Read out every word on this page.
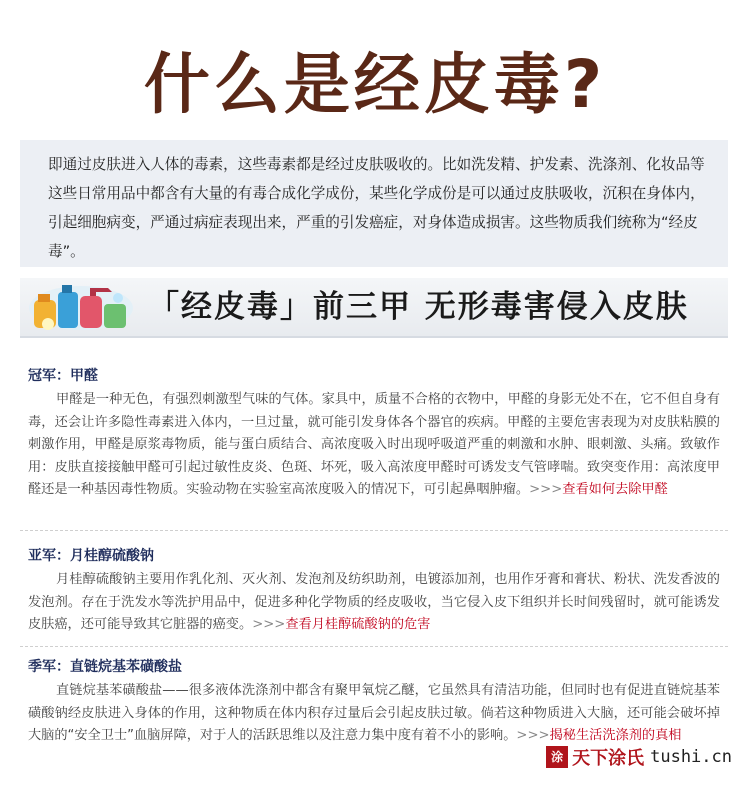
什么是经皮毒?
即通过皮肤进入人体的毒素，这些毒素都是经过皮肤吸收的。比如洗发精、护发素、洗涤剂、化妆品等这些日常用品中都含有大量的有毒合成化学成份，某些化学成份是可以通过皮肤吸收，沉积在身体内，引起细胞病变，严通过病症表现出来，严重的引发癌症，对身体造成损害。这些物质我们统称为“经皮毒”。
「经皮毒」前三甲 无形毒害侵入皮肤
冠军：甲醛
甲醛是一种无色，有强烈刺激型气味的气体。家具中，质量不合格的衣物中，甲醛的身影无处不在，它不但自身有毒，还会让许多隐性毒素进入体内，一旦过量，就可能引发身体各个器官的疾病。甲醛的主要危害表现为对皮肤粘膜的刺激作用，甲醛是原浆毒物质，能与蛋白质结合、高浓度吸入时出现呼吸道严重的刺激和水肿、眼刺激、头痛。致敏作用：皮肤直接接触甲醛可引起过敏性皮炎、色斑、坏死，吸入高浓度甲醛时可诱发支气管哮喘。致突变作用：高浓度甲醛还是一种基因毒性物质。实验动物在实验室高浓度吸入的情况下，可引起鼻咽肿瘤。>>>查看如何去除甲醛
亚军：月桂醇硫酸钠
月桂醇硫酸钠主要用作乳化剂、灭火剂、发泡剂及纺织助剂，电镀添加剂，也用作牙膏和膏状、粉状、洗发香波的发泡剂。存在于洗发水等洗护用品中，促进多种化学物质的经皮吸收，当它侵入皮下组织并长时间残留时，就可能诱发皮肤癌，还可能导致其它脏器的癌变。>>>查看月桂醇硫酸钠的危害
季军：直链烷基苯磺酸盐
直链烷基苯磺酸盐——很多液体洗涤剂中都含有聚甲氧烷乙醚，它虽然具有清洁功能，但同时也有促进直链烷基苯磺酸钠经皮肤进入身体的作用，这种物质在体内积存过量后会引起皮肤过敏。倘若这种物质进入大脑，还可能会破坏掉大脑的“安全卫士”血脑屏障，对于人的活跃思维以及注意力集中度有着不小的影响。>>>揭秘生活洗涤剂的真相
涂 天下涂氏 tushi.cn
